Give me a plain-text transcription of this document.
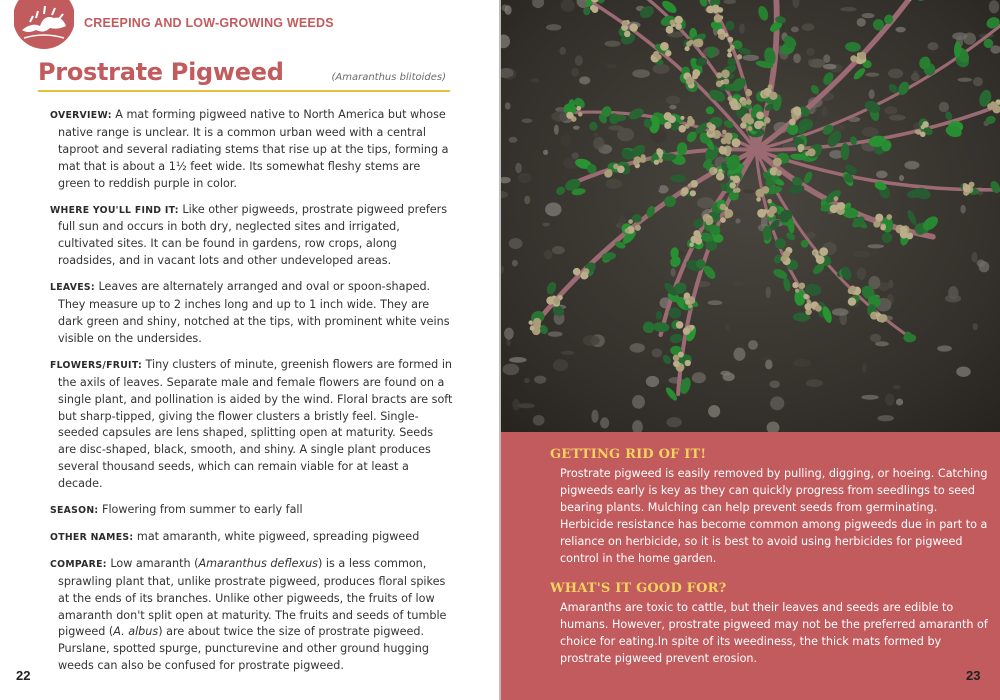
CREEPING AND LOW-GROWING WEEDS
Prostrate Pigweed	(Amaranthus blitoides)

OVERVIEW: A mat forming pigweed native to North America but whose native range is unclear. It is a common urban weed with a central taproot and several radiating stems that rise up at the tips, forming a mat that is about a 1½ feet wide. Its somewhat fleshy stems are green to reddish purple in color.

WHERE YOU'LL FIND IT: Like other pigweeds, prostrate pigweed prefers full sun and occurs in both dry, neglected sites and irrigated, cultivated sites. It can be found in gardens, row crops, along roadsides, and in vacant lots and other undeveloped areas.

LEAVES: Leaves are alternately arranged and oval or spoon-shaped. They measure up to 2 inches long and up to 1 inch wide. They are dark green and shiny, notched at the tips, with prominent white veins visible on the undersides.

FLOWERS/FRUIT: Tiny clusters of minute, greenish flowers are formed in the axils of leaves. Separate male and female flowers are found on a single plant, and pollination is aided by the wind. Floral bracts are soft but sharp-tipped, giving the flower clusters a bristly feel. Single-seeded capsules are lens shaped, splitting open at maturity. Seeds are disc-shaped, black, smooth, and shiny. A single plant produces several thousand seeds, which can remain viable for at least a decade.

SEASON: Flowering from summer to early fall

OTHER NAMES: mat amaranth, white pigweed, spreading pigweed

COMPARE: Low amaranth (Amaranthus deflexus) is a less common, sprawling plant that, unlike prostrate pigweed, produces floral spikes at the ends of its branches. Unlike other pigweeds, the fruits of low amaranth don't split open at maturity. The fruits and seeds of tumble pigweed (A. albus) are about twice the size of prostrate pigweed. Purslane, spotted spurge, puncturevine and other ground hugging weeds can also be confused for prostrate pigweed.

22
GETTING RID OF IT!
Prostrate pigweed is easily removed by pulling, digging, or hoeing. Catching pigweeds early is key as they can quickly progress from seedlings to seed bearing plants. Mulching can help prevent seeds from germinating. Herbicide resistance has become common among pigweeds due in part to a reliance on herbicide, so it is best to avoid using herbicides for pigweed control in the home garden.
WHAT'S IT GOOD FOR?
Amaranths are toxic to cattle, but their leaves and seeds are edible to humans. However, prostrate pigweed may not be the preferred amaranth of choice for eating.In spite of its weediness, the thick mats formed by prostrate pigweed prevent erosion.
23
